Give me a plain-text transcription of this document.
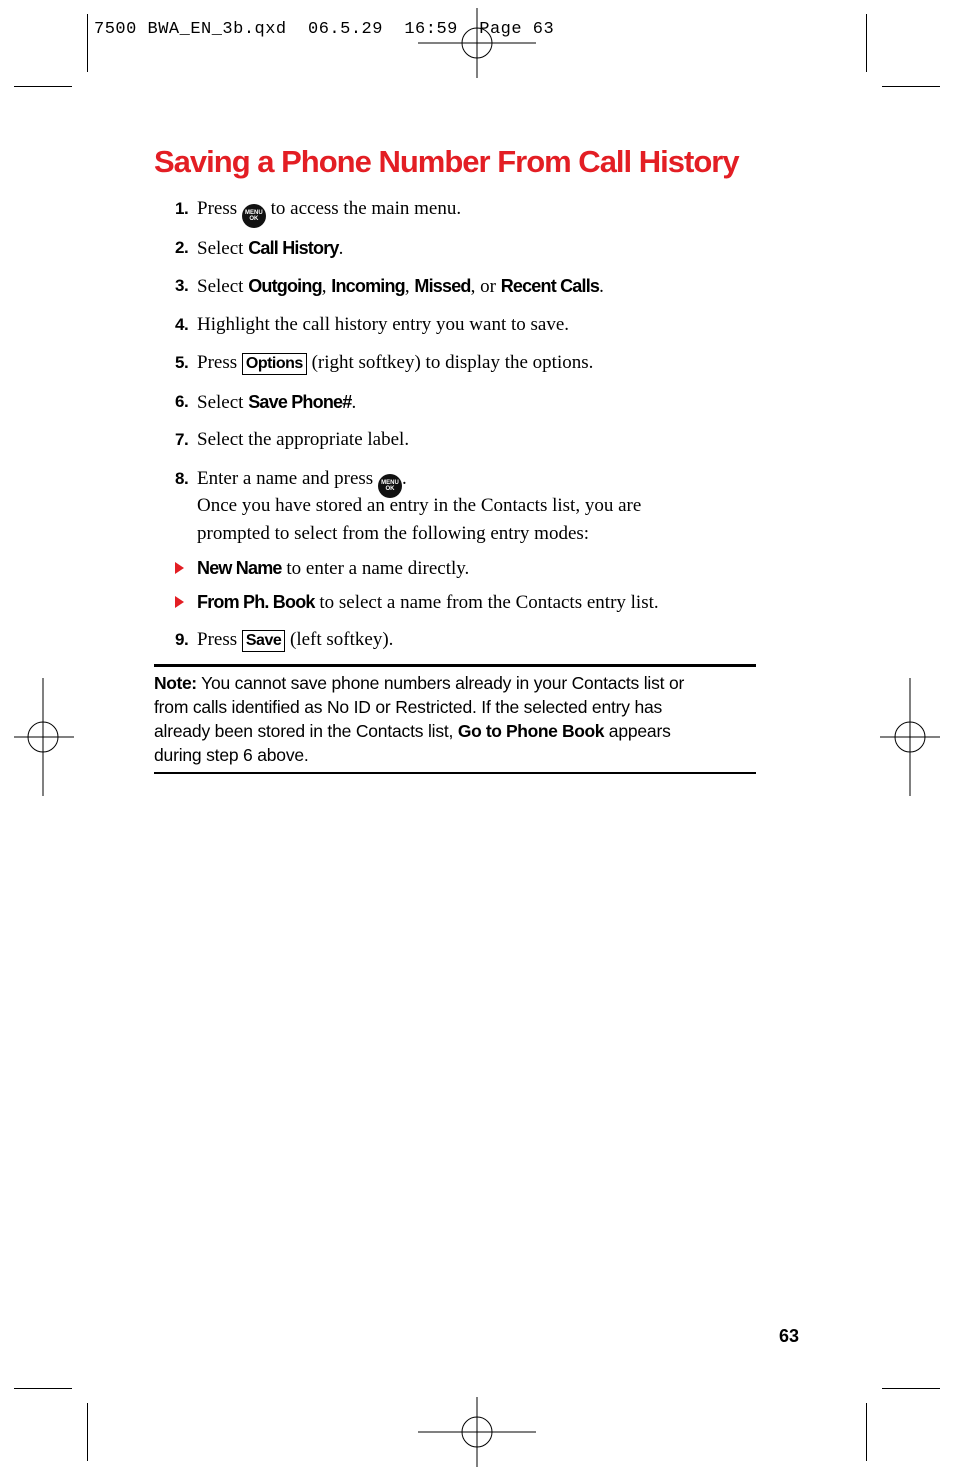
7500 BWA_EN_3b.qxd  06.5.29  16:59  Page 63
Saving a Phone Number From Call History
1. Press	MENU
OK to access the main menu.
2. Select Call History.
3. Select Outgoing, Incoming, Missed, or Recent Calls.
4. Highlight the call history entry you want to save.
5. Press Options (right softkey) to display the options.
6. Select Save Phone#.
7. Select the appropriate label.
8. Enter a name and press	MENU
OK .
Once you have stored an entry in the Contacts list, you are
prompted to select from the following entry modes:
New Name to enter a name directly.
From Ph. Book to select a name from the Contacts entry list.
9. Press Save (left softkey).
Note: You cannot save phone numbers already in your Contacts list or
from calls identified as No ID or Restricted. If the selected entry has
already been stored in the Contacts list, Go to Phone Book appears
during step 6 above.
63
